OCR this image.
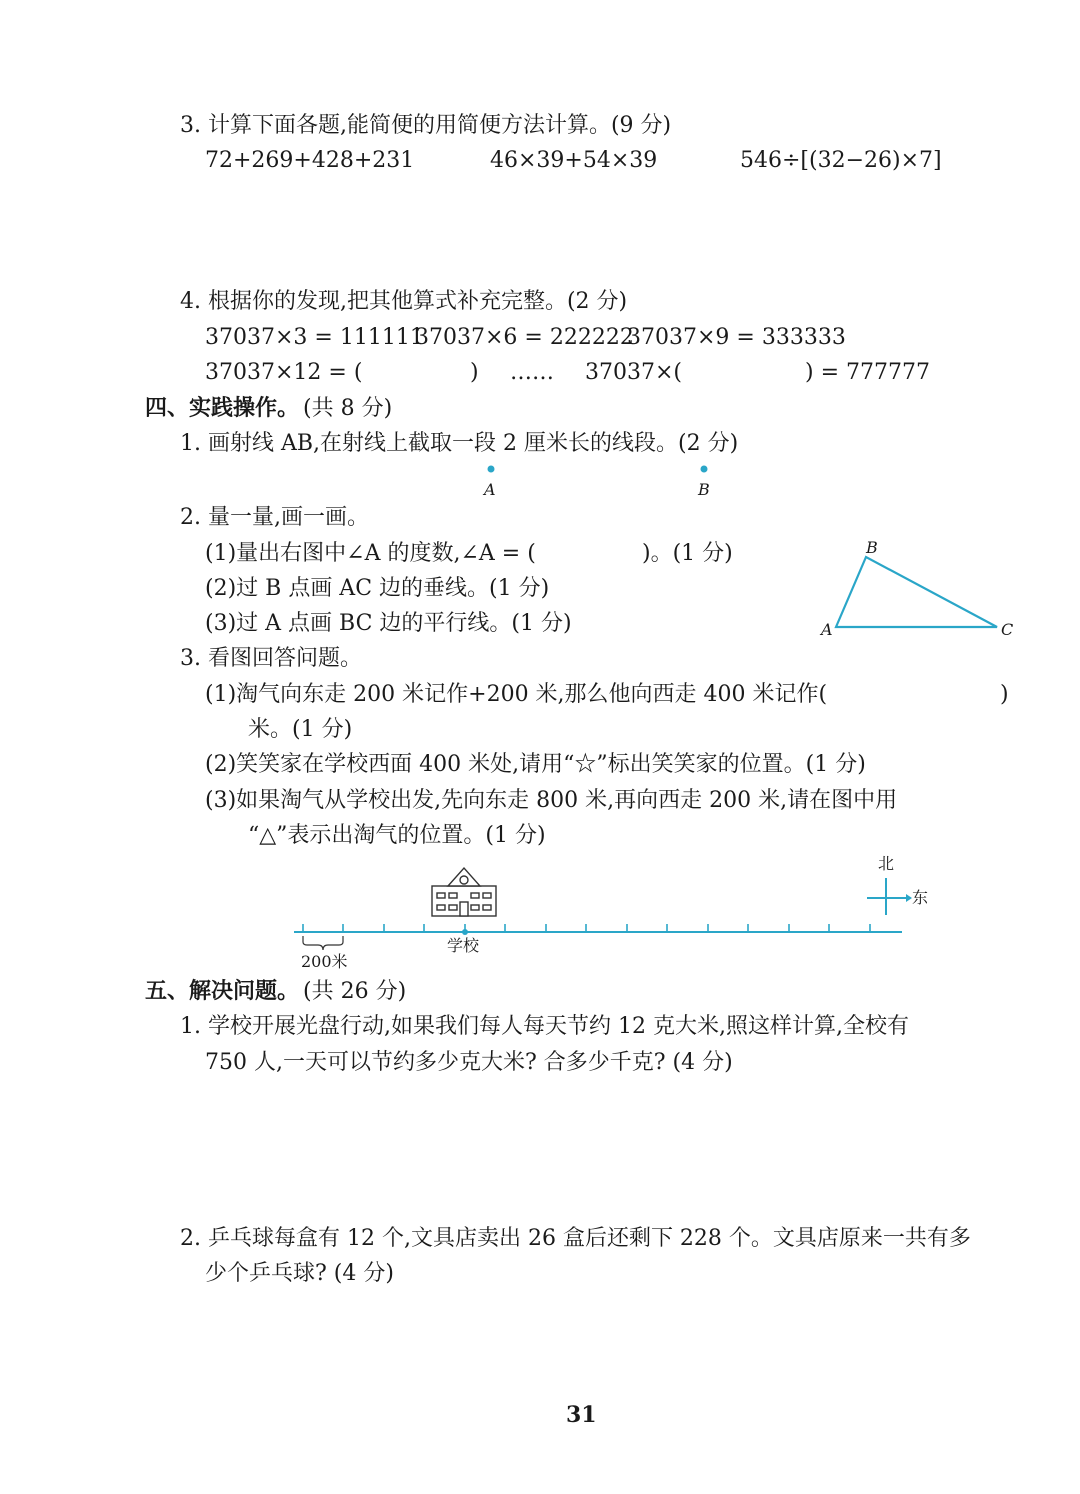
3. 计算下面各题,能简便的用简便方法计算。(9 分)
72+269+428+231	46×39+54×39	546÷[(32−26)×7]
4. 根据你的发现,把其他算式补充完整。(2 分)
37037×3 = 111111
37037×6 = 222222
37037×9 = 333333
37037×12 = (	) …… 37037×(	) = 777777
四、实践操作。 (共 8 分)
1. 画射线 AB,在射线上截取一段 2 厘米长的线段。(2 分)
A	B
2. 量一量,画一画。
(1)量出右图中∠A 的度数,∠A = (	)。(1 分)
(2)过 B 点画 AC 边的垂线。(1 分)
(3)过 A 点画 BC 边的平行线。(1 分)
B
A	C
3. 看图回答问题。
(1)淘气向东走 200 米记作+200 米,那么他向西走 400 米记作(	)
米。(1 分)
(2)笑笑家在学校西面 400 米处,请用“☆”标出笑笑家的位置。(1 分)
(3)如果淘气从学校出发,先向东走 800 米,再向西走 200 米,请在图中用
“△”表示出淘气的位置。(1 分)
北
东
学校
200米
五、解决问题。 (共 26 分)
1. 学校开展光盘行动,如果我们每人每天节约 12 克大米,照这样计算,全校有
750 人,一天可以节约多少克大米? 合多少千克? (4 分)
2. 乒乓球每盒有 12 个,文具店卖出 26 盒后还剩下 228 个。文具店原来一共有多
少个乒乓球? (4 分)
31
